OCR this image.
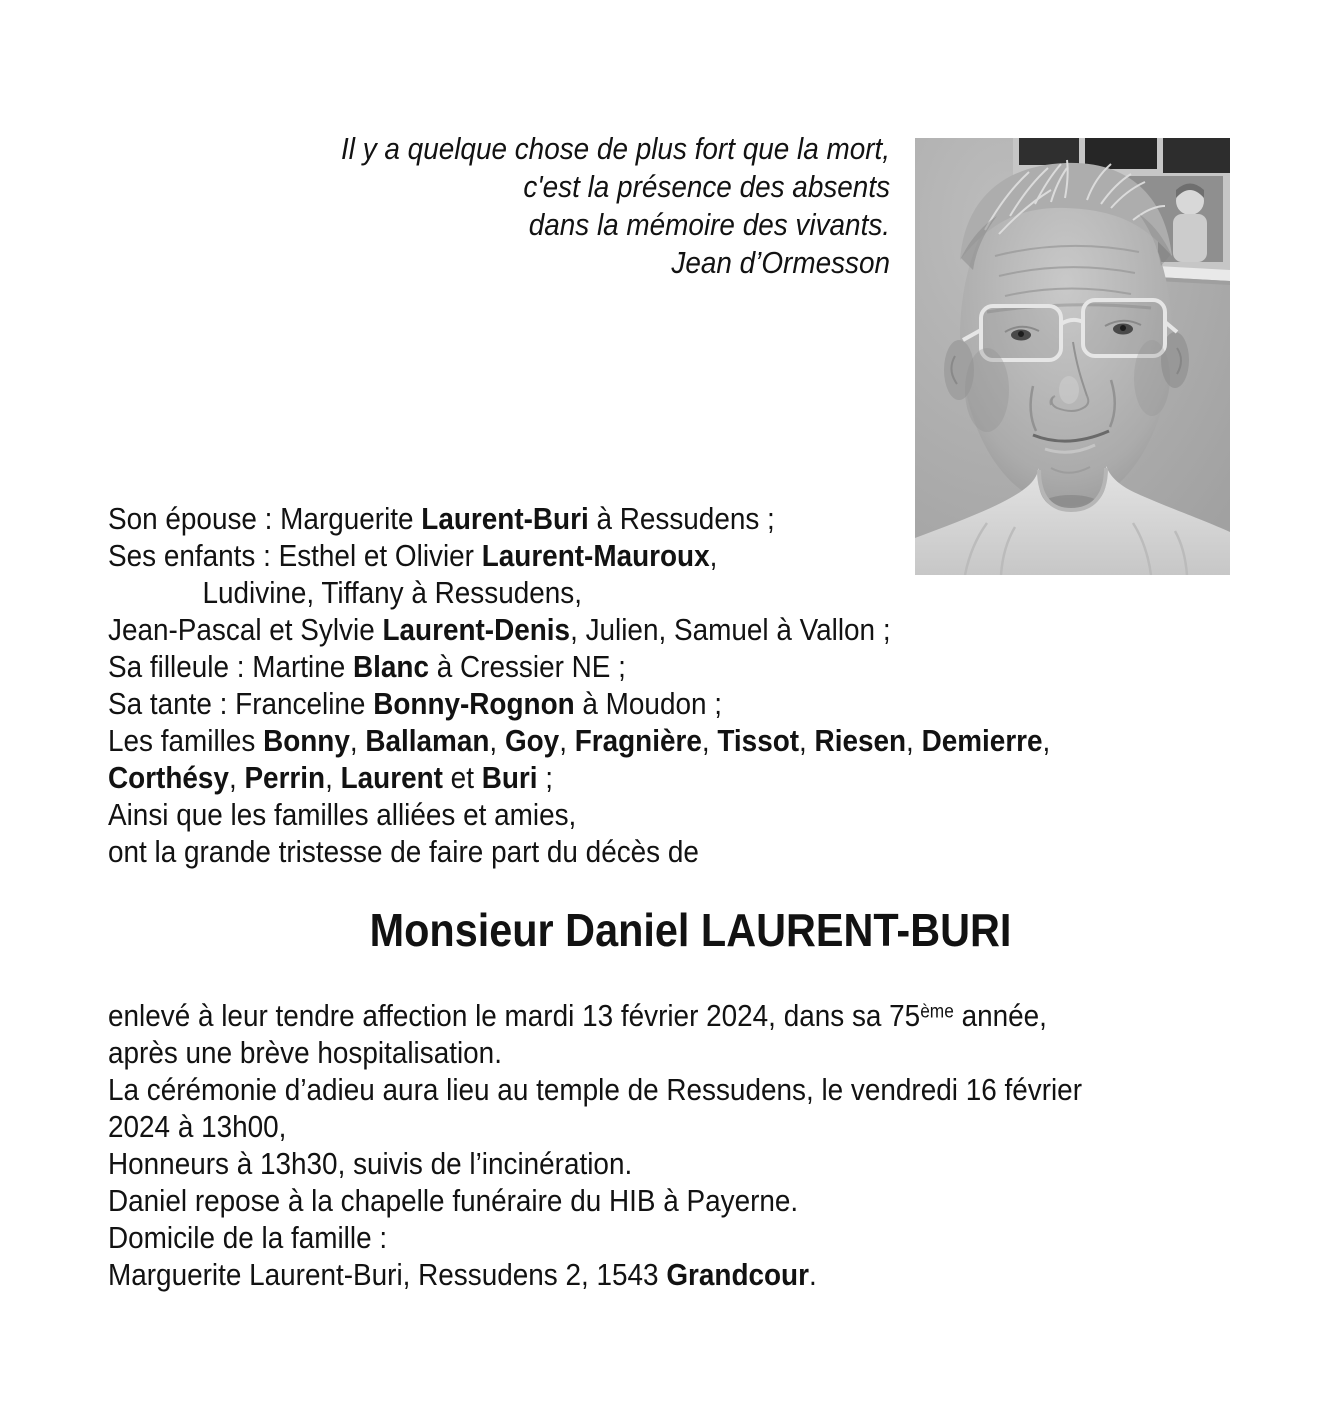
Il y a quelque chose de plus fort que la mort,
c'est la présence des absents
dans la mémoire des vivants.
Jean d’Ormesson
Son épouse : Marguerite Laurent-Buri à Ressudens ;
Ses enfants : Esthel et Olivier Laurent-Mauroux,
Ludivine, Tiffany à Ressudens,
Jean-Pascal et Sylvie Laurent-Denis, Julien, Samuel à Vallon ;
Sa filleule : Martine Blanc à Cressier NE ;
Sa tante : Franceline Bonny-Rognon à Moudon ;
Les familles Bonny, Ballaman, Goy, Fragnière, Tissot, Riesen, Demierre,
Corthésy, Perrin, Laurent et Buri ;
Ainsi que les familles alliées et amies,
ont la grande tristesse de faire part du décès de
Monsieur Daniel LAURENT-BURI
enlevé à leur tendre affection le mardi 13 février 2024, dans sa 75ème année,
après une brève hospitalisation.
La cérémonie d’adieu aura lieu au temple de Ressudens, le vendredi 16 février
2024 à 13h00,
Honneurs à 13h30, suivis de l’incinération.
Daniel repose à la chapelle funéraire du HIB à Payerne.
Domicile de la famille :
Marguerite Laurent-Buri, Ressudens 2, 1543 Grandcour.
